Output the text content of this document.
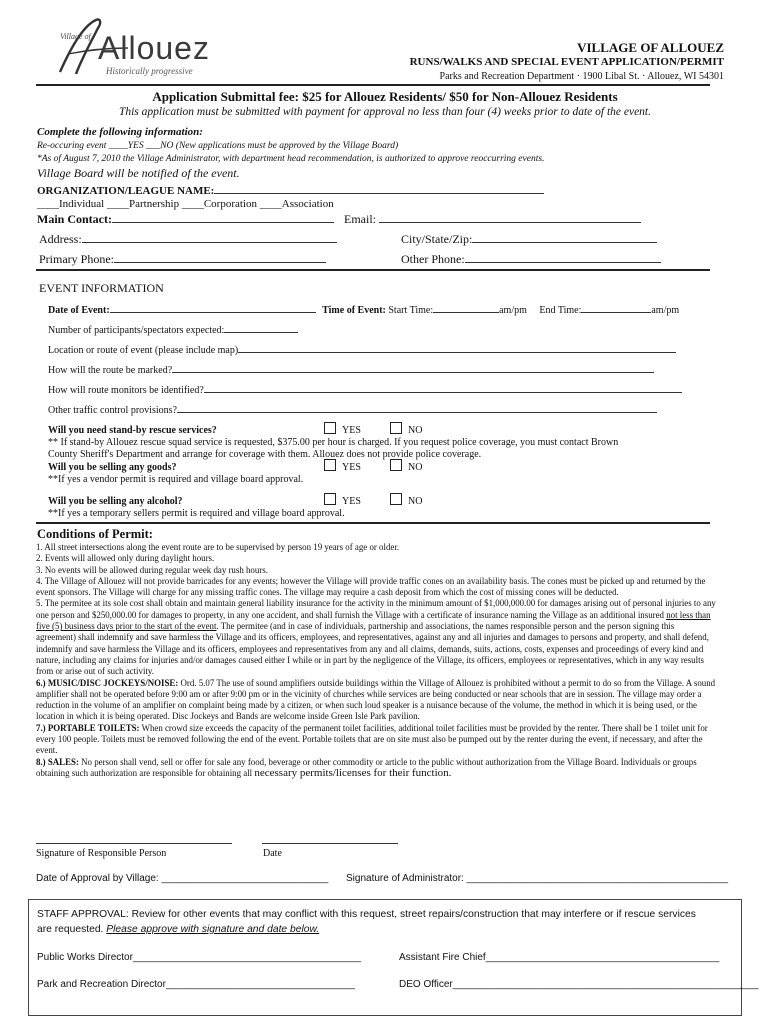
Village of Allouez
Historically progressive
VILLAGE OF ALLOUEZ
RUNS/WALKS AND SPECIAL EVENT APPLICATION/PERMIT
Parks and Recreation Department · 1900 Libal St. · Allouez, WI 54301
Application Submittal fee: $25 for Allouez Residents/ $50 for Non-Allouez Residents
This application must be submitted with payment for approval no less than four (4) weeks prior to date of the event.
Complete the following information:
Re-occuring event ____YES ___NO (New applications must be approved by the Village Board)
*As of August 7, 2010 the Village Administrator, with department head recommendation, is authorized to approve reoccurring events.
Village Board will be notified of the event.
ORGANIZATION/LEAGUE NAME:
____Individual ____Partnership ____Corporation ____Association
Main Contact:	Email:
Address:	City/State/Zip:
Primary Phone:	Other Phone:
EVENT INFORMATION
Date of Event:	Time of Event: Start Time:	am/pm End Time:	am/pm
Number of participants/spectators expected:
Location or route of event (please include map)
How will the route be marked?
How will route monitors be identified?
Other traffic control provisions?
Will you need stand-by rescue services?	YES	NO
** If stand-by Allouez rescue squad service is requested, $375.00 per hour is charged. If you request police coverage, you must contact Brown
County Sheriff's Department and arrange for coverage with them. Allouez does not provide police coverage.
Will you be selling any goods?	YES	NO
**If yes a vendor permit is required and village board approval.
Will you be selling any alcohol?	YES	NO
**If yes a temporary sellers permit is required and village board approval.
Conditions of Permit:

1. All street intersections along the event route are to be supervised by person 19 years of age or older.

2. Events will allowed only during daylight hours.

3. No events will be allowed during regular week day rush hours.

4. The Village of Allouez will not provide barricades for any events; however the Village will provide traffic cones on an availability basis. The cones must be picked up and returned by the event sponsors. The Village will charge for any missing traffic cones. The village may require a cash deposit from which the cost of missing cones will be deducted.

5. The permitee at its sole cost shall obtain and maintain general liability insurance for the activity in the minimum amount of $1,000,000.00 for damages arising out of personal injuries to any one person and $250,000.00 for damages to property, in any one accident, and shall furnish the Village with a certificate of insurance naming the Village as an additional insured not less than five (5) business days prior to the start of the event. The permitee (and in case of individuals, partnership and associations, the names responsible person and the person signing this agreement) shall indemnify and save harmless the Village and its officers, employees, and representatives, against any and all injuries and damages to persons and property, and shall defend, indemnify and save harmless the Village and its officers, employees and representatives from any and all claims, demands, suits, actions, costs, expenses and proceedings of every kind and nature, including any claims for injuries and/or damages caused either I while or in part by the negligence of the Village, its officers, employees or representatives, which in any way results from or arise out of such activity.

6.) MUSIC/DISC JOCKEYS/NOISE: Ord. 5.07 The use of sound amplifiers outside buildings within the Village of Allouez is prohibited without a permit to do so from the Village. A sound amplifier shall not be operated before 9:00 am or after 9:00 pm or in the vicinity of churches while services are being conducted or near schools that are in session. The village may order a reduction in the volume of an amplifier on complaint being made by a citizen, or when such loud speaker is a nuisance because of the volume, the method in which it is being used, or the location in which it is being operated. Disc Jockeys and Bands are welcome inside Green Isle Park pavilion.

7.) PORTABLE TOILETS: When crowd size exceeds the capacity of the permanent toilet facilities, additional toilet facilities must be provided by the renter. There shall be 1 toilet unit for every 100 people. Toilets must be removed following the end of the event. Portable toilets that are on site must also be pumped out by the renter during the event, if necessary, and after the event.

8.) SALES: No person shall vend, sell or offer for sale any food, beverage or other commodity or article to the public without authorization from the Village Board. Individuals or groups obtaining such authorization are responsible for obtaining all necessary permits/licenses for their function.

Signature of Responsible Person	Date
Date of Approval by Village: ______________________________ Signature of Administrator: _______________________________________________
STAFF APPROVAL: Review for other events that may conflict with this request, street repairs/construction that may interfere or if rescue services
are requested. Please approve with signature and date below.
Public Works Director_________________________________________	Assistant Fire Chief__________________________________________
Park and Recreation Director__________________________________	DEO Officer_______________________________________________________
